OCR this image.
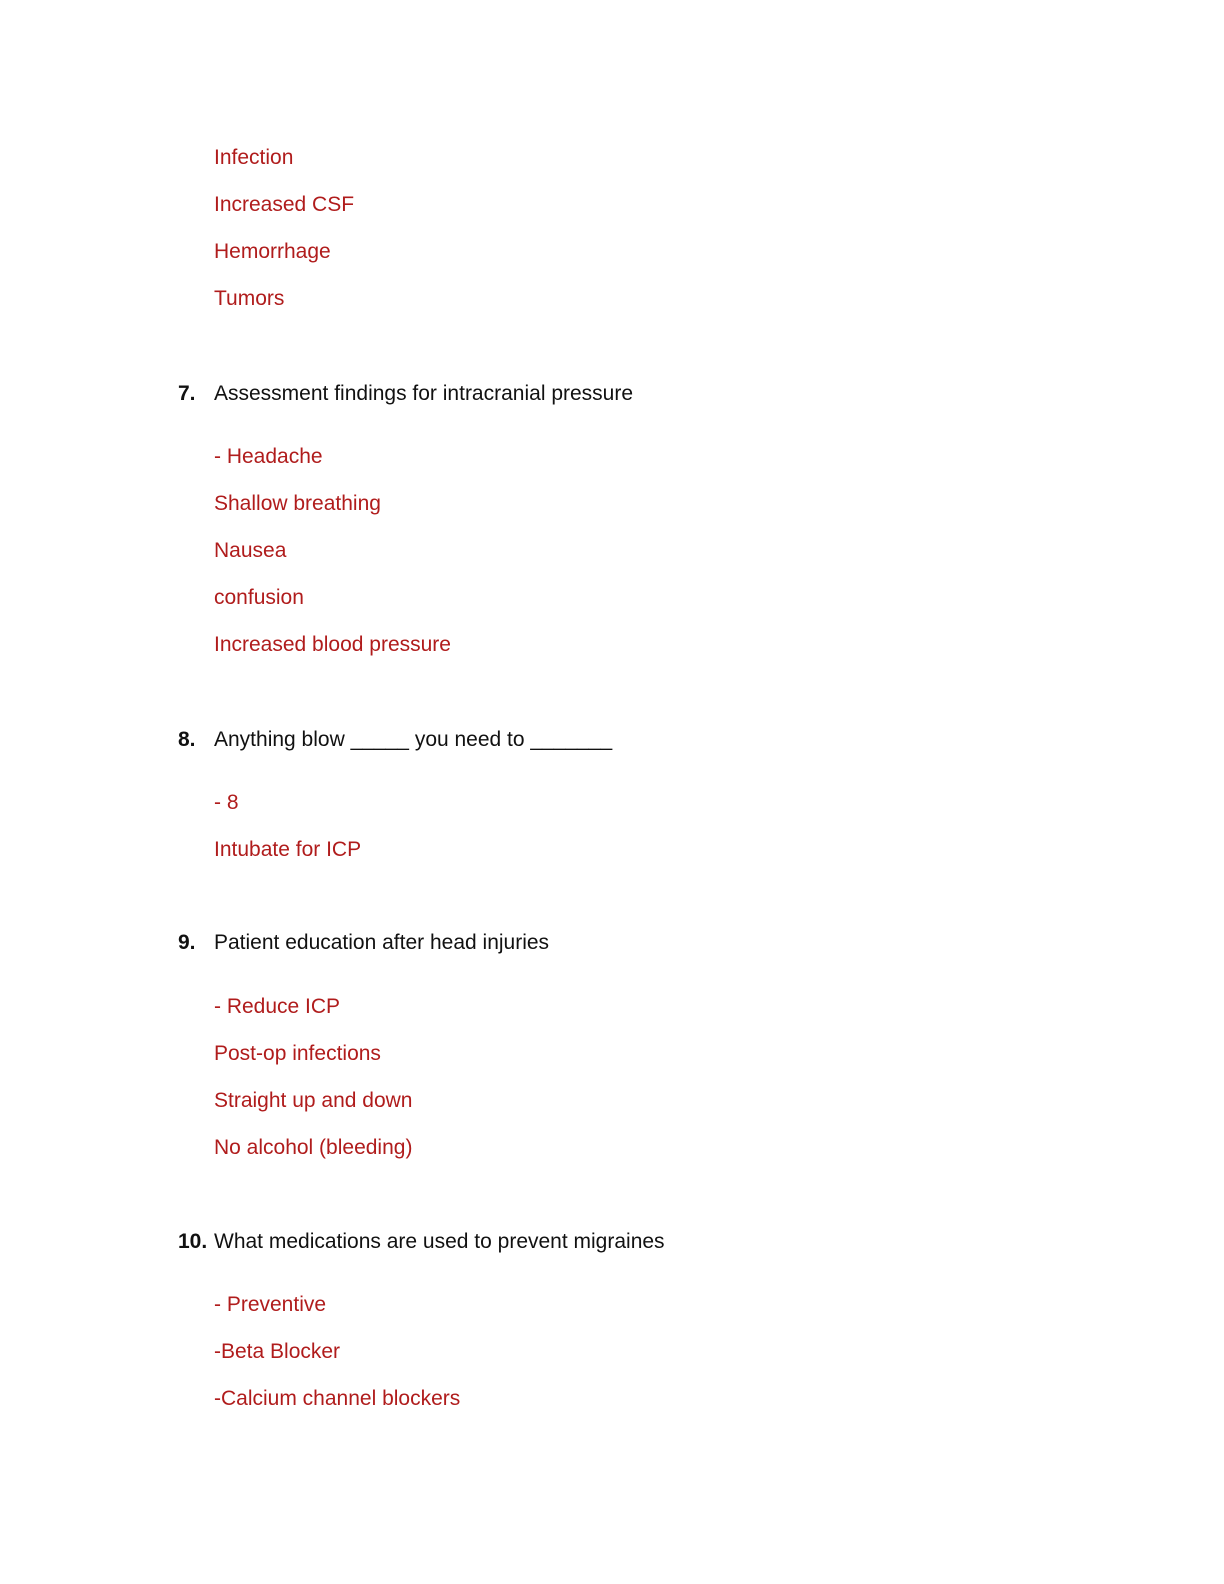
Infection
Increased CSF
Hemorrhage
Tumors
7. Assessment findings for intracranial pressure
- Headache
Shallow breathing
Nausea
confusion
Increased blood pressure
8. Anything blow _____ you need to _______
- 8
Intubate for ICP
9. Patient education after head injuries
- Reduce ICP
Post-op infections
Straight up and down
No alcohol (bleeding)
10. What medications are used to prevent migraines
- Preventive
-Beta Blocker
-Calcium channel blockers
